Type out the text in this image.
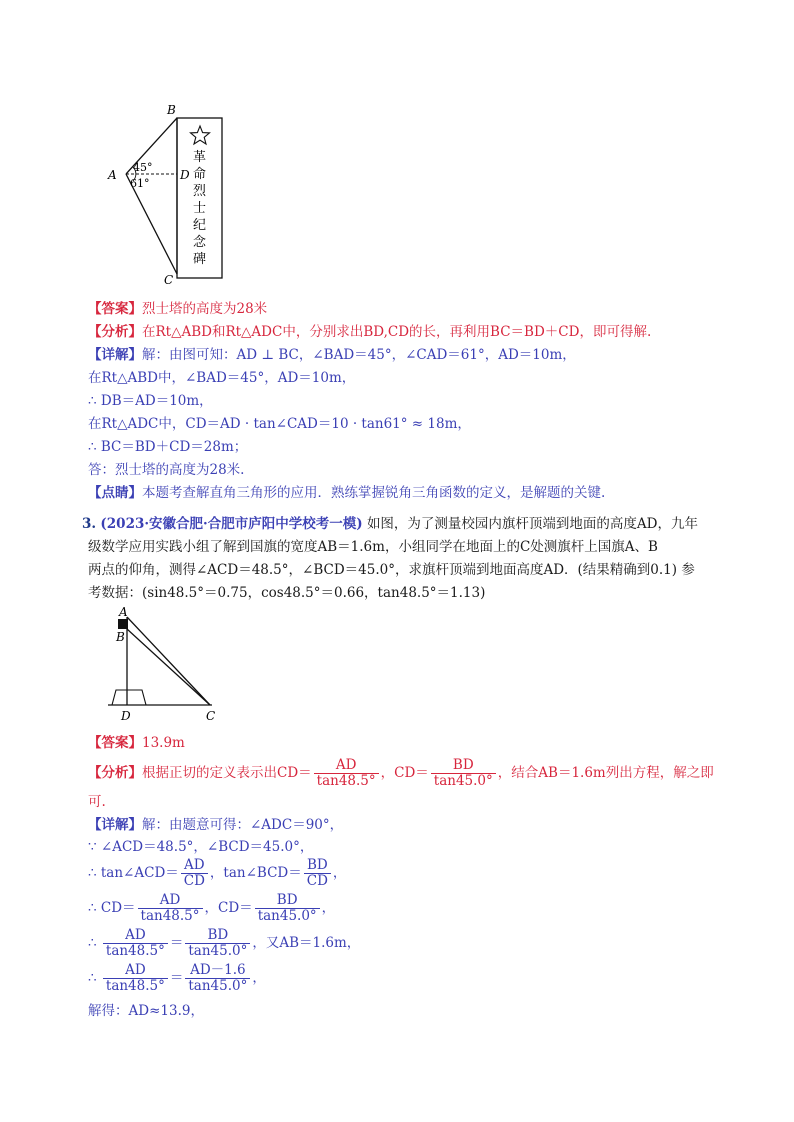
B
A	D
C
45°
61°
革
命
烈
士
纪
念
碑
【答案】烈士塔的高度为28米
【分析】在Rt△ABD和Rt△ADC中，分别求出BD,CD的长，再利用BC＝BD＋CD，即可得解.
【详解】解：由图可知：AD ⊥ BC，∠BAD＝45°，∠CAD＝61°，AD＝10m，
在Rt△ABD中，∠BAD＝45°，AD＝10m，
∴ DB＝AD＝10m，
在Rt△ADC中，CD＝AD · tan∠CAD＝10 · tan61° ≈ 18m，
∴ BC＝BD＋CD＝28m；
答：烈士塔的高度为28米.
【点睛】本题考查解直角三角形的应用．熟练掌握锐角三角函数的定义，是解题的关键.
3. (2023·安徽合肥·合肥市庐阳中学校考一模) 如图，为了测量校园内旗杆顶端到地面的高度AD，九年
级数学应用实践小组了解到国旗的宽度AB＝1.6m，小组同学在地面上的C处测旗杆上国旗A、B
两点的仰角，测得∠ACD＝48.5°，∠BCD＝45.0°，求旗杆顶端到地面高度AD．(结果精确到0.1) 参
考数据：(sin48.5°＝0.75，cos48.5°＝0.66，tan48.5°＝1.13)
A
B
D	C
【答案】13.9m
【分析】根据正切的定义表示出$CD= \frac{AD}{\tan 48.5^\circ}$ ，$CD= \frac{BD}{\tan 45.0^\circ}$ ，结合AB＝1.6m列出方程，解之即
可.
【详解】解：由题意可得：∠ADC＝90°，
∵ ∠ACD＝48.5°，∠BCD＝45.0°，
∴ tan∠ACD＝ $\frac{AD}{CD}$ ，tan∠BCD＝ $\frac{BD}{CD}$ ，
∴ $CD= \frac{AD}{\tan 48.5^\circ}$ ，$CD= \frac{BD}{\tan 45.0^\circ}$ ，
∴ $\frac{AD}{\tan 48.5^\circ} = \frac{BD}{\tan 45.0^\circ}$ ，又AB＝1.6m，
∴ $\frac{AD}{\tan 48.5^\circ} = \frac{AD-1.6}{\tan 45.0^\circ}$ ，
解得：AD≈13.9，
